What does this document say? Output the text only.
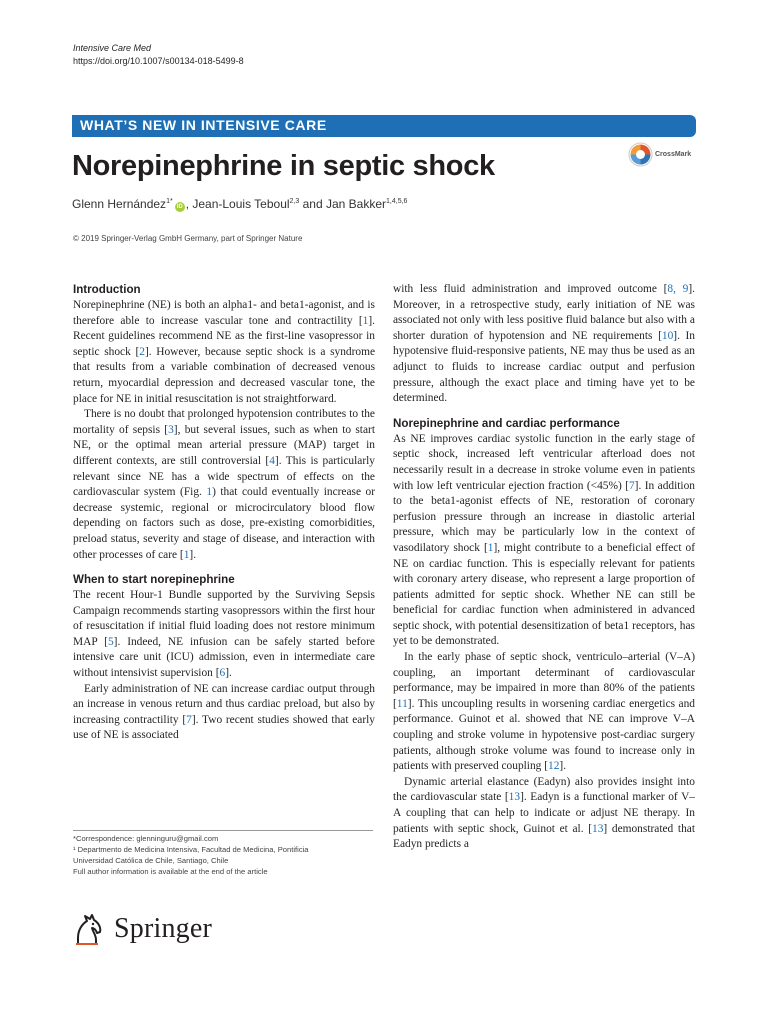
Intensive Care Med
https://doi.org/10.1007/s00134-018-5499-8
WHAT’S NEW IN INTENSIVE CARE
Norepinephrine in septic shock	CrossMark
Glenn Hernández$^{1*}$iD , Jean-Louis Teboul$^{2,3}$ and Jan Bakker$^{1,4,5,6}$
© 2019 Springer-Verlag GmbH Germany, part of Springer Nature
Introduction

Norepinephrine (NE) is both an alpha1- and beta1-agonist, and is therefore able to increase vascular tone and contractility [1]. Recent guidelines recommend NE as the first-line vasopressor in septic shock [2]. However, because septic shock is a syndrome that results from a variable combination of decreased venous return, myocardial depression and decreased vascular tone, the place for NE in initial resuscitation is not straightforward.

There is no doubt that prolonged hypotension contributes to the mortality of sepsis [3], but several issues, such as when to start NE, or the optimal mean arterial pressure (MAP) target in different contexts, are still controversial [4]. This is particularly relevant since NE has a wide spectrum of effects on the cardiovascular system (Fig. 1) that could eventually increase or decrease systemic, regional or microcirculatory blood flow depending on factors such as dose, pre-existing comorbidities, preload status, severity and stage of disease, and interaction with other processes of care [1].

When to start norepinephrine

The recent Hour-1 Bundle supported by the Surviving Sepsis Campaign recommends starting vasopressors within the first hour of resuscitation if initial fluid loading does not restore minimum MAP [5]. Indeed, NE infusion can be safely started before intensive care unit (ICU) admission, even in intermediate care without intensivist supervision [6].

Early administration of NE can increase cardiac output through an increase in venous return and thus cardiac preload, but also by increasing contractility [7]. Two recent studies showed that early use of NE is associated

with less fluid administration and improved outcome [8, 9]. Moreover, in a retrospective study, early initiation of NE was associated not only with less positive fluid balance but also with a shorter duration of hypotension and NE requirements [10]. In hypotensive fluid-responsive patients, NE may thus be used as an adjunct to fluids to increase cardiac output and perfusion pressure, although the exact place and timing have yet to be determined.

Norepinephrine and cardiac performance

As NE improves cardiac systolic function in the early stage of septic shock, increased left ventricular afterload does not necessarily result in a decrease in stroke volume even in patients with low left ventricular ejection fraction (<45%) [7]. In addition to the beta1-agonist effects of NE, restoration of coronary perfusion pressure through an increase in diastolic arterial pressure, which may be particularly low in the context of vasodilatory shock [1], might contribute to a beneficial effect of NE on cardiac function. This is especially relevant for patients with coronary artery disease, who represent a large proportion of patients admitted for septic shock. Whether NE can still be beneficial for cardiac function when administered in advanced septic shock, with potential desensitization of beta1 receptors, has yet to be demonstrated.

In the early phase of septic shock, ventriculo–arterial (V–A) coupling, an important determinant of cardiovascular performance, may be impaired in more than 80% of the patients [11]. This uncoupling results in worsening cardiac energetics and performance. Guinot et al. showed that NE can improve V–A coupling and stroke volume in hypotensive post-cardiac surgery patients, although stroke volume was found to increase only in patients with preserved coupling [12].

Dynamic arterial elastance (Eadyn) also provides insight into the cardiovascular state [13]. Eadyn is a functional marker of V–A coupling that can help to indicate or adjust NE therapy. In patients with septic shock, Guinot et al. [13] demonstrated that Eadyn predicts a

*Correspondence: glenninguru@gmail.com
¹ Departmento de Medicina Intensiva, Facultad de Medicina, Pontificia
Universidad Católica de Chile, Santiago, Chile
Full author information is available at the end of the article
Springer
